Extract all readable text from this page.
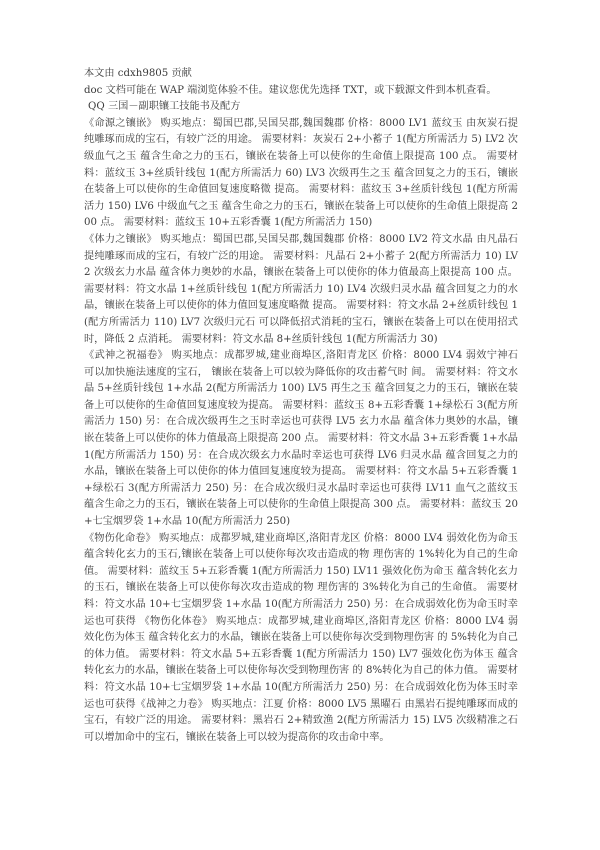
本文由 cdxh9805 贡献
doc 文档可能在 WAP 端浏览体验不佳。建议您优先选择 TXT，或下载源文件到本机查看。
QQ 三国－副职镶工技能书及配方

《命源之镶嵌》 购买地点：蜀国巴郡,吴国吴郡,魏国魏郡 价格：8000 LV1 蓝纹玉 由灰炭石提纯雕琢而成的宝石，有较广泛的用途。 需要材料：灰炭石 2+小蓄子 1(配方所需活力 5) LV2 次级血气之玉 蕴含生命之力的玉石，镶嵌在装备上可以使你的生命值上限提高 100 点。 需要材料：蓝纹玉 3+丝质针线包 1(配方所需活力 60) LV3 次级再生之玉 蕴含回复之力的玉石，镶嵌在装备上可以使你的生命值回复速度略微 提高。 需要材料：蓝纹玉 3+丝质针线包 1(配方所需活力 150) LV6 中级血气之玉 蕴含生命之力的玉石，镶嵌在装备上可以使你的生命值上限提高 200 点。 需要材料：蓝纹玉 10+五彩香囊 1(配方所需活力 150)

《体力之镶嵌》 购买地点：蜀国巴郡,吴国吴郡,魏国魏郡 价格：8000 LV2 符文水晶 由凡晶石提纯雕琢而成的宝石，有较广泛的用途。 需要材料：凡晶石 2+小蓄子 2(配方所需活力 10) LV2 次级玄力水晶 蕴含体力奥妙的水晶，镶嵌在装备上可以使你的体力值最高上限提高 100 点。 需要材料：符文水晶 1+丝质针线包 1(配方所需活力 10) LV4 次级归灵水晶 蕴含回复之力的水晶，镶嵌在装备上可以使你的体力值回复速度略微 提高。 需要材料：符文水晶 2+丝质针线包 1(配方所需活力 110) LV7 次级归元石 可以降低招式消耗的宝石，镶嵌在装备上可以在使用招式时，降低 2 点消耗。 需要材料：符文水晶 8+丝质针线包 1(配方所需活力 30)

《武神之祝福卷》 购买地点：成都罗城,建业商埠区,洛阳青龙区 价格：8000 LV4 弱效宁神石 可以加快施法速度的宝石， 镶嵌在装备上可以较为降低你的攻击蓄气时 间。 需要材料：符文水晶 5+丝质针线包 1+水晶 2(配方所需活力 100) LV5 再生之玉 蕴含回复之力的玉石，镶嵌在装备上可以使你的生命值回复速度较为提高。 需要材料：蓝纹玉 8+五彩香囊 1+绿松石 3(配方所需活力 150) 另：在合成次级再生之玉时幸运也可获得 LV5 玄力水晶 蕴含体力奥妙的水晶，镶嵌在装备上可以使你的体力值最高上限提高 200 点。 需要材料：符文水晶 3+五彩香囊 1+水晶 1(配方所需活力 150) 另：在合成次级玄力水晶时幸运也可获得 LV6 归灵水晶 蕴含回复之力的水晶，镶嵌在装备上可以使你的体力值回复速度较为提高。 需要材料：符文水晶 5+五彩香囊 1+绿松石 3(配方所需活力 250) 另：在合成次级归灵水晶时幸运也可获得 LV11 血气之蓝纹玉 蕴含生命之力的玉石，镶嵌在装备上可以使你的生命值上限提高 300 点。 需要材料：蓝纹玉 20+七宝烟罗袋 1+水晶 10(配方所需活力 250)

《物伤化命卷》 购买地点：成都罗城,建业商埠区,洛阳青龙区 价格：8000 LV4 弱效化伤为命玉 蕴含转化玄力的玉石,镶嵌在装备上可以使你每次攻击造成的物 理伤害的 1%转化为自己的生命值。 需要材料：蓝纹玉 5+五彩香囊 1(配方所需活力 150) LV11 强效化伤为命玉 蕴含转化玄力的玉石，镶嵌在装备上可以使你每次攻击造成的物 理伤害的 3%转化为自己的生命值。 需要材料：符文水晶 10+七宝烟罗袋 1+水晶 10(配方所需活力 250) 另：在合成弱效化伤为命玉时幸运也可获得 《物伤化体卷》 购买地点：成都罗城,建业商埠区,洛阳青龙区 价格：8000 LV4 弱效化伤为体玉 蕴含转化玄力的水晶，镶嵌在装备上可以使你每次受到物理伤害 的 5%转化为自己的体力值。 需要材料：符文水晶 5+五彩香囊 1(配方所需活力 150) LV7 强效化伤为体玉 蕴含转化玄力的水晶，镶嵌在装备上可以使你每次受到物理伤害 的 8%转化为自己的体力值。 需要材料：符文水晶 10+七宝烟罗袋 1+水晶 10(配方所需活力 250) 另：在合成弱效化伤为体玉时幸运也可获得《战神之力卷》 购买地点：江夏 价格：8000 LV5 黑曜石 由黑岩石提纯雕琢而成的宝石，有较广泛的用途。 需要材料：黑岩石 2+精致渔 2(配方所需活力 15) LV5 次级精准之石 可以增加命中的宝石，镶嵌在装备上可以较为提高你的攻击命中率。
